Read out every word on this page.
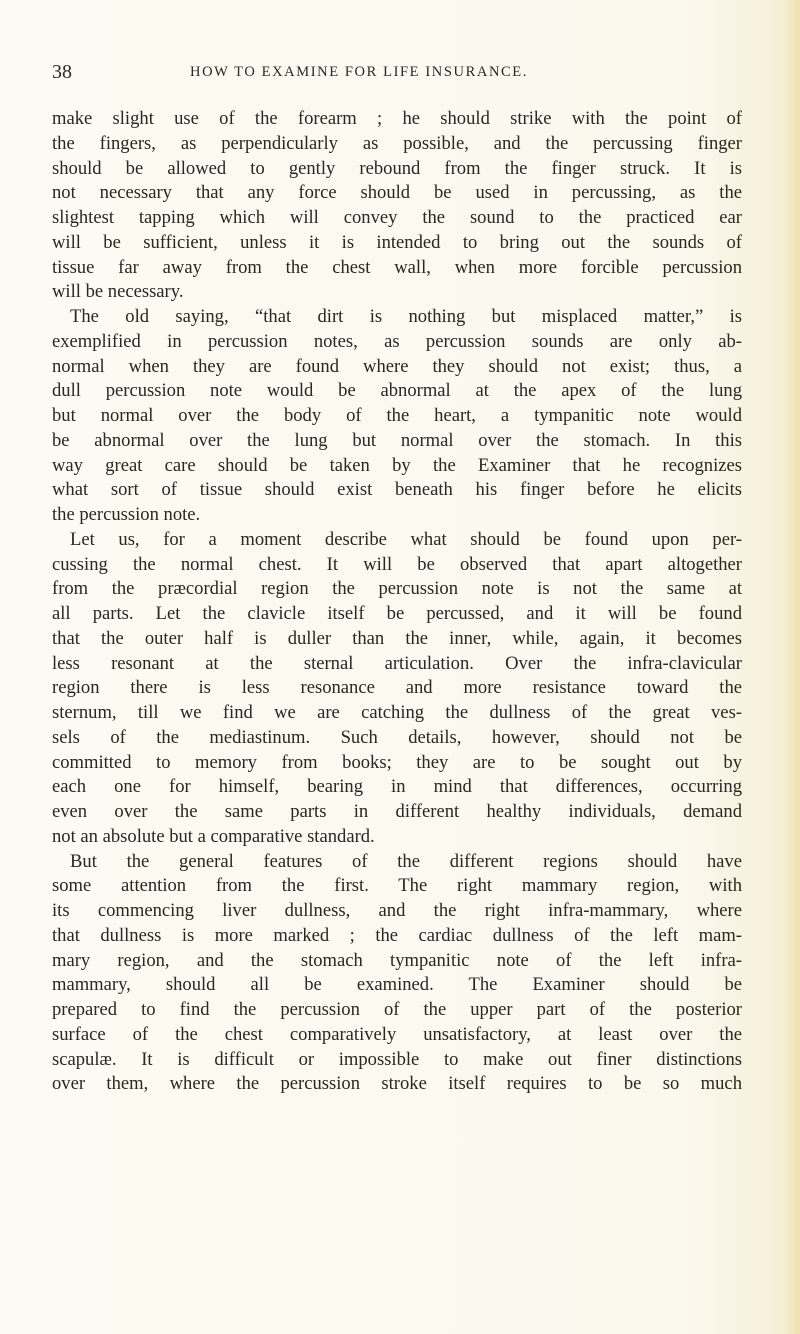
38	HOW TO EXAMINE FOR LIFE INSURANCE.
make slight use of the forearm ; he should strike with the point of
the fingers, as perpendicularly as possible, and the percussing finger
should be allowed to gently rebound from the finger struck. It is
not necessary that any force should be used in percussing, as the
slightest tapping which will convey the sound to the practiced ear
will be sufficient, unless it is intended to bring out the sounds of
tissue far away from the chest wall, when more forcible percussion
will be necessary.
The old saying, “that dirt is nothing but misplaced matter,” is
exemplified in percussion notes, as percussion sounds are only ab-
normal when they are found where they should not exist; thus, a
dull percussion note would be abnormal at the apex of the lung
but normal over the body of the heart, a tympanitic note would
be abnormal over the lung but normal over the stomach. In this
way great care should be taken by the Examiner that he recognizes
what sort of tissue should exist beneath his finger before he elicits
the percussion note.
Let us, for a moment describe what should be found upon per-
cussing the normal chest. It will be observed that apart altogether
from the præcordial region the percussion note is not the same at
all parts. Let the clavicle itself be percussed, and it will be found
that the outer half is duller than the inner, while, again, it becomes
less resonant at the sternal articulation. Over the infra-clavicular
region there is less resonance and more resistance toward the
sternum, till we find we are catching the dullness of the great ves-
sels of the mediastinum. Such details, however, should not be
committed to memory from books; they are to be sought out by
each one for himself, bearing in mind that differences, occurring
even over the same parts in different healthy individuals, demand
not an absolute but a comparative standard.
But the general features of the different regions should have
some attention from the first. The right mammary region, with
its commencing liver dullness, and the right infra-mammary, where
that dullness is more marked ; the cardiac dullness of the left mam-
mary region, and the stomach tympanitic note of the left infra-
mammary, should all be examined. The Examiner should be
prepared to find the percussion of the upper part of the posterior
surface of the chest comparatively unsatisfactory, at least over the
scapulæ. It is difficult or impossible to make out finer distinctions
over them, where the percussion stroke itself requires to be so much
